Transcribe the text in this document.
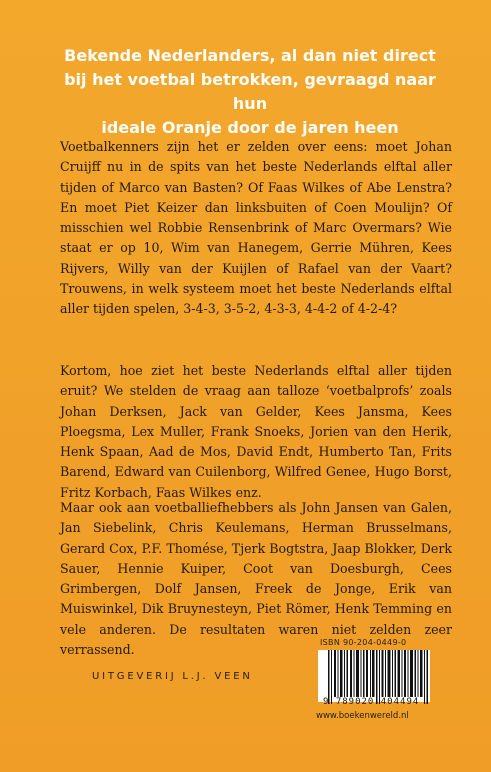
Bekende Nederlanders, al dan niet direct
bij het voetbal betrokken, gevraagd naar hun
ideale Oranje door de jaren heen

Voetbalkenners zijn het er zelden over eens: moet Johan Cruijff nu in de spits van het beste Nederlands elftal aller tijden of Marco van Basten? Of Faas Wilkes of Abe Lenstra? En moet Piet Keizer dan linksbuiten of Coen Moulijn? Of misschien wel Robbie Rensenbrink of Marc Overmars? Wie staat er op 10, Wim van Hanegem, Gerrie Mühren, Kees Rijvers, Willy van der Kuijlen of Rafael van der Vaart? Trouwens, in welk systeem moet het beste Nederlands elftal aller tijden spelen, 3-4-3, 3-5-2, 4-3-3, 4-4-2 of 4-2-4?

Kortom, hoe ziet het beste Nederlands elftal aller tijden eruit? We stelden de vraag aan talloze ‘voetbalprofs’ zoals Johan Derksen, Jack van Gelder, Kees Jansma, Kees Ploegsma, Lex Muller, Frank Snoeks, Jorien van den Herik, Henk Spaan, Aad de Mos, David Endt, Humberto Tan, Frits Barend, Edward van Cuilenborg, Wilfred Genee, Hugo Borst, Fritz Korbach, Faas Wilkes enz.

Maar ook aan voetballiefhebbers als John Jansen van Galen, Jan Siebelink, Chris Keulemans, Herman Brusselmans, Gerard Cox, P.F. Thomése, Tjerk Bogtstra, Jaap Blokker, Derk Sauer, Hennie Kuiper, Coot van Doesburgh, Cees Grimbergen, Dolf Jansen, Freek de Jonge, Erik van Muiswinkel, Dik Bruynesteyn, Piet Römer, Henk Temming en vele anderen. De resultaten waren niet zelden zeer verrassend.	ISBN 90-204-0449-0
9 789020 404494
www.boekenwereld.nl
UITGEVERIJ L.J. VEEN
